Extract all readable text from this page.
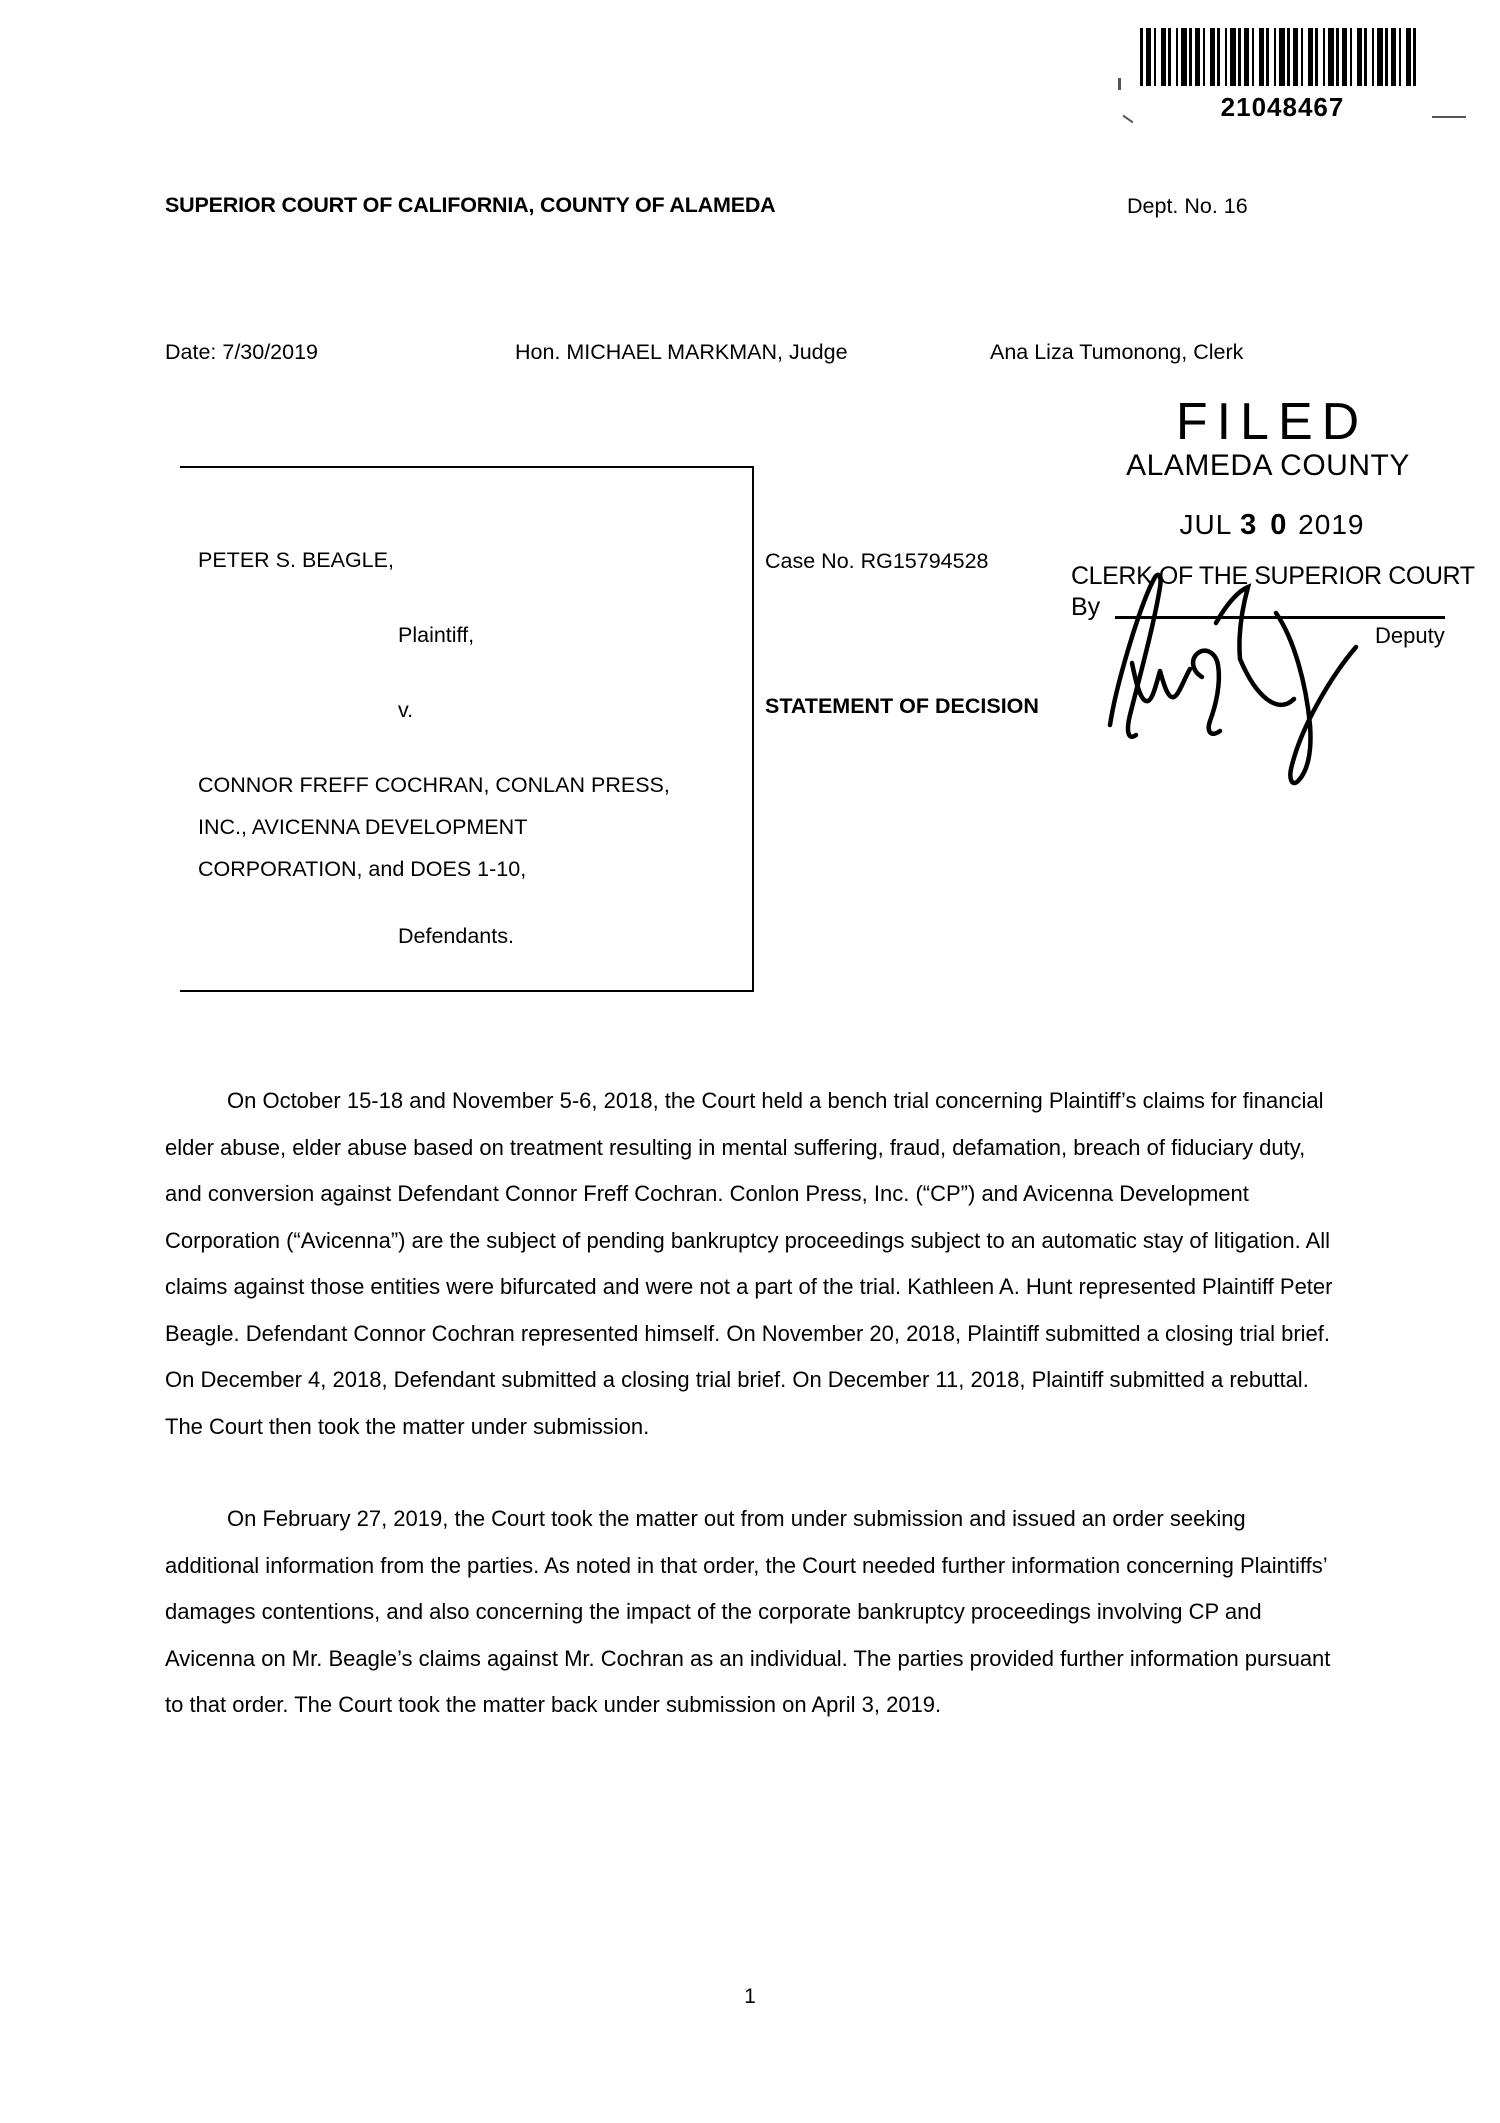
21048467
SUPERIOR COURT OF CALIFORNIA, COUNTY OF ALAMEDA	Dept. No. 16
Date: 7/30/2019	Hon. MICHAEL MARKMAN, Judge	Ana Liza Tumonong, Clerk
PETER S. BEAGLE,
Plaintiff,
v.
CONNOR FREFF COCHRAN, CONLAN PRESS,
INC., AVICENNA DEVELOPMENT
CORPORATION, and DOES 1-10,
Defendants.
Case No. RG15794528
STATEMENT OF DECISION
FILED
ALAMEDA COUNTY
JUL 3 0 2019
CLERK OF THE SUPERIOR COURT
By
Deputy

On October 15-18 and November 5-6, 2018, the Court held a bench trial concerning Plaintiff’s claims for financial elder abuse, elder abuse based on treatment resulting in mental suffering, fraud, defamation, breach of fiduciary duty, and conversion against Defendant Connor Freff Cochran. Conlon Press, Inc. (“CP”) and Avicenna Development Corporation (“Avicenna”) are the subject of pending bankruptcy proceedings subject to an automatic stay of litigation. All claims against those entities were bifurcated and were not a part of the trial. Kathleen A. Hunt represented Plaintiff Peter Beagle. Defendant Connor Cochran represented himself. On November 20, 2018, Plaintiff submitted a closing trial brief. On December 4, 2018, Defendant submitted a closing trial brief. On December 11, 2018, Plaintiff submitted a rebuttal. The Court then took the matter under submission.

On February 27, 2019, the Court took the matter out from under submission and issued an order seeking additional information from the parties. As noted in that order, the Court needed further information concerning Plaintiffs’ damages contentions, and also concerning the impact of the corporate bankruptcy proceedings involving CP and Avicenna on Mr. Beagle’s claims against Mr. Cochran as an individual. The parties provided further information pursuant to that order. The Court took the matter back under submission on April 3, 2019.

1
